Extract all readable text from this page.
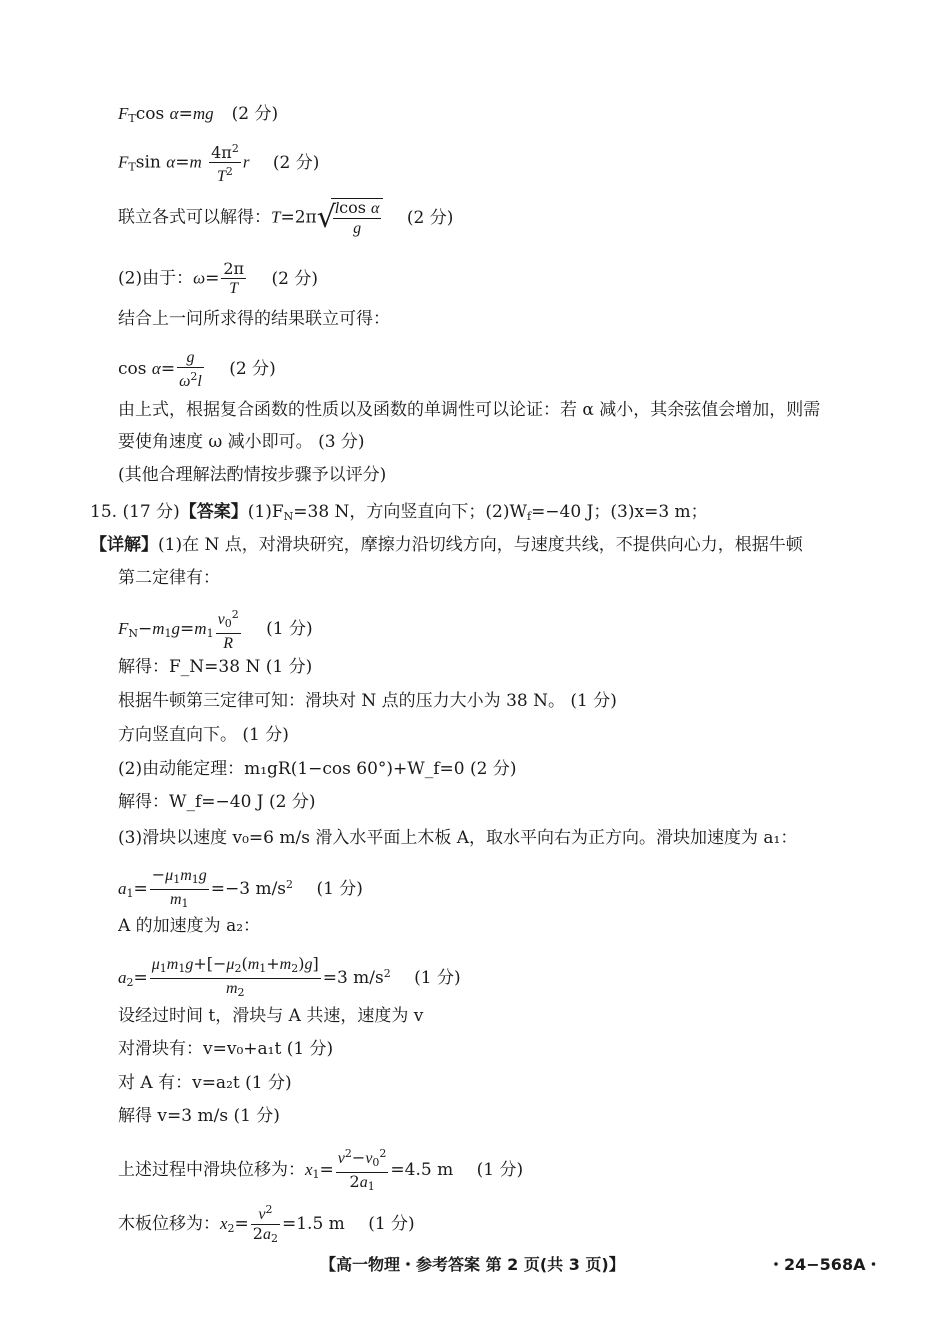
$F_T\cos$ α=mg (2 分)
$F_T\sin$ $\alpha=m \frac{4\pi^2}{T^2}$ r (2 分)
联立各式可以解得：T=2π √
$\frac{\text{lcos α}}{g} (2$ 分)
(2)由于：$\omega= \frac{2\pi}{T} (2$ 分)
结合上一问所求得的结果联立可得：
$\cos \alpha= \frac{g}{\omega^2l} (2$ 分)
由上式，根据复合函数的性质以及函数的单调性可以论证：若 α 减小，其余弦值会增加，则需
要使角速度 ω 减小即可。 (3 分)
(其他合理解法酌情按步骤予以评分)
15. (17 分)【答案】$(1)F_N=38$ N，方向竖直向下；$(2)W_f=-40$ J；(3)x=3 m；
【详解】(1)在 N 点，对滑块研究，摩擦力沿切线方向，与速度共线，不提供向心力，根据牛顿
第二定律有：
$F_N-m_1g=m_1 \frac{v_0^2}{R} (1$ 分)
解得：F_N=38 N (1 分)
根据牛顿第三定律可知：滑块对 N 点的压力大小为 38 N。 (1 分)
方向竖直向下。 (1 分)
(2)由动能定理：m₁gR(1−cos 60°)+W_f=0 (2 分)
解得：W_f=−40 J (2 分)
(3)滑块以速度 v₀=6 m/s 滑入水平面上木板 A，取水平向右为正方向。滑块加速度为 a₁：
$a_1= \frac{-\mu_1m_1g}{m_1} =-3$ $m/s^2$ (1 分)
A 的加速度为 a₂：
$a_2= \frac{\mu_1m_1g+[-\mu_2(m_1+m_2)g]}{m_2} =3$ $m/s^2$ (1 分)
设经过时间 t，滑块与 A 共速，速度为 v
对滑块有：v=v₀+a₁t (1 分)
对 A 有：v=a₂t (1 分)
解得 v=3 m/s (1 分)
上述过程中滑块位移为：$x_1= \frac{v^2-v_0^2}{2a_1} =4.5$ m (1 分)
木板位移为：$x_2= \frac{v^2}{2a_2} =1.5$ m (1 分)
【高一物理・参考答案 第 2 页(共 3 页)】	・24−568A・
